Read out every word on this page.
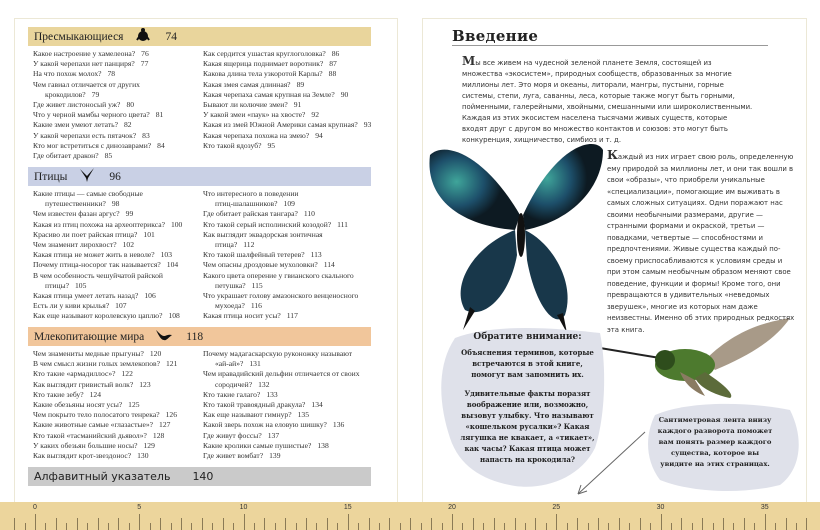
Пресмыкающиеся	74
Какое настроение у хамелеона? 76
У какой черепахи нет панциря? 77
На что похож молох? 78
Чем гавиал отличается от других
крокодилов? 79
Где живет листоносый уж? 80
Что у черной мамбы черного цвета? 81
Какие змеи умеют летать? 82
У какой черепахи есть пятачок? 83
Кто мог встретиться с динозаврами? 84
Где обитает дракон? 85
Как сердится ушастая круглоголовка? 86
Какая ящерица поднимает воротник? 87
Какова длина тела узкоротой Карлы? 88
Какая змея самая длинная? 89
Какая черепаха самая крупная на Земле? 90
Бывают ли колючие змеи? 91
У какой змеи «паук» на хвосте? 92
Какая из змей Южной Америки самая крупная? 93
Какая черепаха похожа на змею? 94
Кто такой ядозуб? 95
Птицы	96
Какие птицы — самые свободные
путешественники? 98
Чем известен фазан аргус? 99
Какая из птиц похожа на археоптерикса? 100
Красиво ли поет райская птица? 101
Чем знаменит лирохвост? 102
Какая птица не может жить в неволе? 103
Почему птица-носорог так называется? 104
В чем особенность чешуйчатой райской
птицы? 105
Какая птица умеет летать назад? 106
Есть ли у киви крылья? 107
Как еще называют королевскую цаплю? 108
Что интересного в поведении
птиц-шалашников? 109
Где обитает райская тангара? 110
Кто такой серый исполинский козодой? 111
Как выглядит эквадорская зонтичная
птица? 112
Кто такой шалфейный тетерев? 113
Чем опасны дроздовые мухоловки? 114
Какого цвета оперение у гвианского скального
петушка? 115
Что украшает голову амазонского венценосного
мухоеда? 116
Какая птица носит усы? 117
Млекопитающие мира	118
Чем знамениты медные прыгуны? 120
В чем смысл жизни голых землекопов? 121
Кто такие «армадиллос»? 122
Как выглядит гривистый волк? 123
Кто такие зебу? 124
Какие обезьяны носят усы? 125
Чем покрыто тело полосатого тенрека? 126
Какие животные самые «глазастые»? 127
Кто такой «тасманийский дьявол»? 128
У каких обезьян большие носы? 129
Как выглядит крот-звездонос? 130
Почему мадагаскарскую руконожку называют
«ай-ай»? 131
Чем иравадийский дельфин отличается от своих
сородичей? 132
Кто такие галаго? 133
Кто такой травоядный дракула? 134
Как еще называют гимнур? 135
Какой зверь похож на еловую шишку? 136
Где живут фоссы? 137
Какие кролики самые пушистые? 138
Где живет вомбат? 139
Алфавитный указатель 140
Введение
Мы все живем на чудесной зеленой планете Земля, состоящей из множества «экосистем», природных сообществ, образованных за многие миллионы лет. Это моря и океаны, литорали, мангры, пустыни, горные системы, степи, луга, саванны, леса, которые также могут быть горными, пойменными, галерейными, хвойными, смешанными или широколиственными. Каждая из этих экосистем населена тысячами живых существ, которые входят друг с другом во множество контактов и союзов: это могут быть конкуренция, хищничество, симбиоз и т. д.
Каждый из них играет свою роль, определенную ему природой за миллионы лет, и они так вошли в свои «образы», что приобрели уникальные «специализации», помогающие им выживать в самых сложных ситуациях. Одни поражают нас своими необычными размерами, другие — странными формами и окраской, третьи — повадками, четвертые — способностями и предпочтениями. Живые существа каждый по-своему приспосабливаются к условиям среды и при этом самым необычным образом меняют свое поведение, функции и формы! Кроме того, они превращаются в удивительных «неведомых зверушек», многие из которых нам даже неизвестны. Именно об этих природных редкостях эта книга.
Обратите внимание:

Объяснения терминов, которые встречаются в этой книге, помогут вам запомнить их.

Удивительные факты поразят воображение или, возможно, вызовут улыбку. Что называют «кошельком русалки»? Какая лягушка не квакает, а «тикает», как часы? Какая птица может напасть на крокодила?

Сантиметровая лента внизу каждого разворота поможет вам понять размер каждого существа, которое вы увидите на этих страницах.
0	5	10	15	20	25	30	35
